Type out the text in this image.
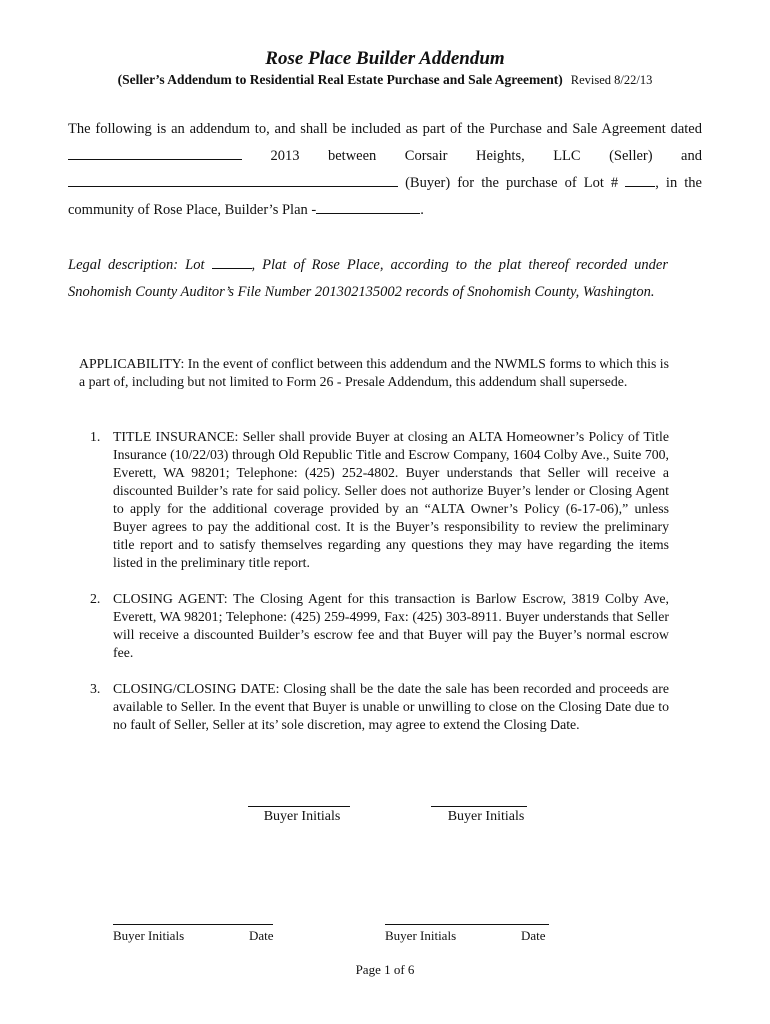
Rose Place Builder Addendum
(Seller’s Addendum to Residential Real Estate Purchase and Sale Agreement) Revised 8/22/13

The following is an addendum to, and shall be included as part of the Purchase and Sale Agreement dated  2013 between Corsair Heights, LLC (Seller) and  (Buyer) for the purchase of Lot # , in the community of Rose Place, Builder’s Plan -	.

Legal description: Lot	, Plat of Rose Place, according to the plat thereof recorded under Snohomish County Auditor’s File Number 201302135002 records of Snohomish County, Washington.

APPLICABILITY: In the event of conflict between this addendum and the NWMLS forms to which this is a part of, including but not limited to Form 26 - Presale Addendum, this addendum shall supersede.

1. TITLE INSURANCE: Seller shall provide Buyer at closing an ALTA Homeowner’s Policy of Title Insurance (10/22/03) through Old Republic Title and Escrow Company, 1604 Colby Ave., Suite 700, Everett, WA 98201; Telephone: (425) 252-4802. Buyer understands that Seller will receive a discounted Builder’s rate for said policy. Seller does not authorize Buyer’s lender or Closing Agent to apply for the additional coverage provided by an “ALTA Owner’s Policy (6-17-06),” unless Buyer agrees to pay the additional cost. It is the Buyer’s responsibility to review the preliminary title report and to satisfy themselves regarding any questions they may have regarding the items listed in the preliminary title report.
2. CLOSING AGENT: The Closing Agent for this transaction is Barlow Escrow, 3819 Colby Ave, Everett, WA 98201; Telephone: (425) 259-4999, Fax: (425) 303-8911. Buyer understands that Seller will receive a discounted Builder’s escrow fee and that Buyer will pay the Buyer’s normal escrow fee.
3. CLOSING/CLOSING DATE: Closing shall be the date the sale has been recorded and proceeds are available to Seller. In the event that Buyer is unable or unwilling to close on the Closing Date due to no fault of Seller, Seller at its’ sole discretion, may agree to extend the Closing Date.
Buyer Initials	Buyer Initials
Buyer Initials	Date	Buyer Initials	Date
Page 1 of 6
